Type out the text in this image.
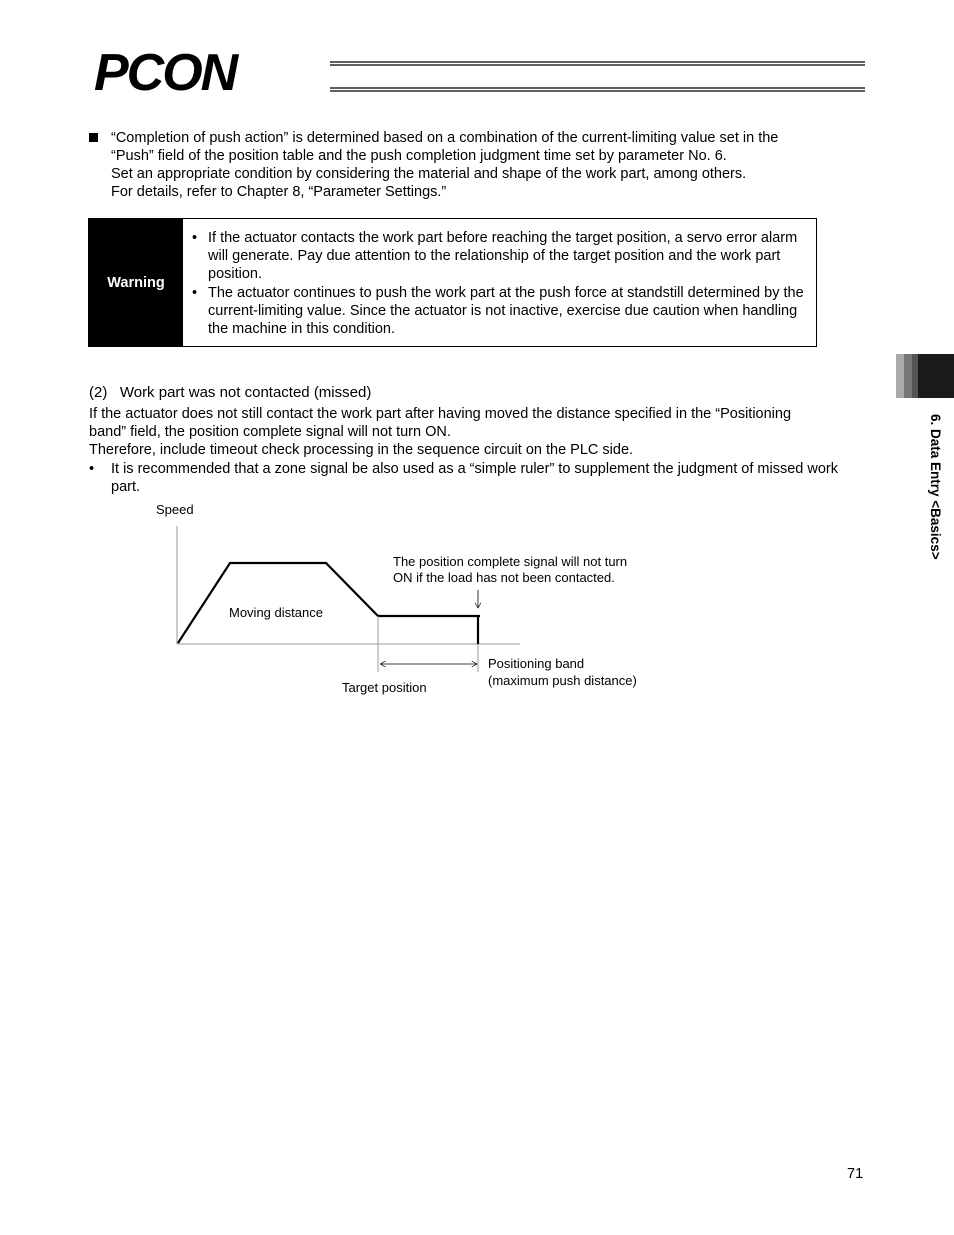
PCON
6. Data Entry <Basics>
“Completion of push action” is determined based on a combination of the current-limiting value set in the
“Push” field of the position table and the push completion judgment time set by parameter No. 6.
Set an appropriate condition by considering the material and shape of the work part, among others.
For details, refer to Chapter 8, “Parameter Settings.”
Warning
• If the actuator contacts the work part before reaching the target position, a servo error alarm will generate. Pay due attention to the relationship of the target position and the work part position.
• The actuator continues to push the work part at the push force at standstill determined by the current-limiting value. Since the actuator is not inactive, exercise due caution when handling the machine in this condition.
(2)   Work part was not contacted (missed)
If the actuator does not still contact the work part after having moved the distance specified in the “Positioning
band” field, the position complete signal will not turn ON.
Therefore, include timeout check processing in the sequence circuit on the PLC side.
• It is recommended that a zone signal be also used as a “simple ruler” to supplement the judgment of missed work part.
Speed
Moving distance
The position complete signal will not turn
ON if the load has not been contacted.
Target position
Positioning band
(maximum push distance)
71
